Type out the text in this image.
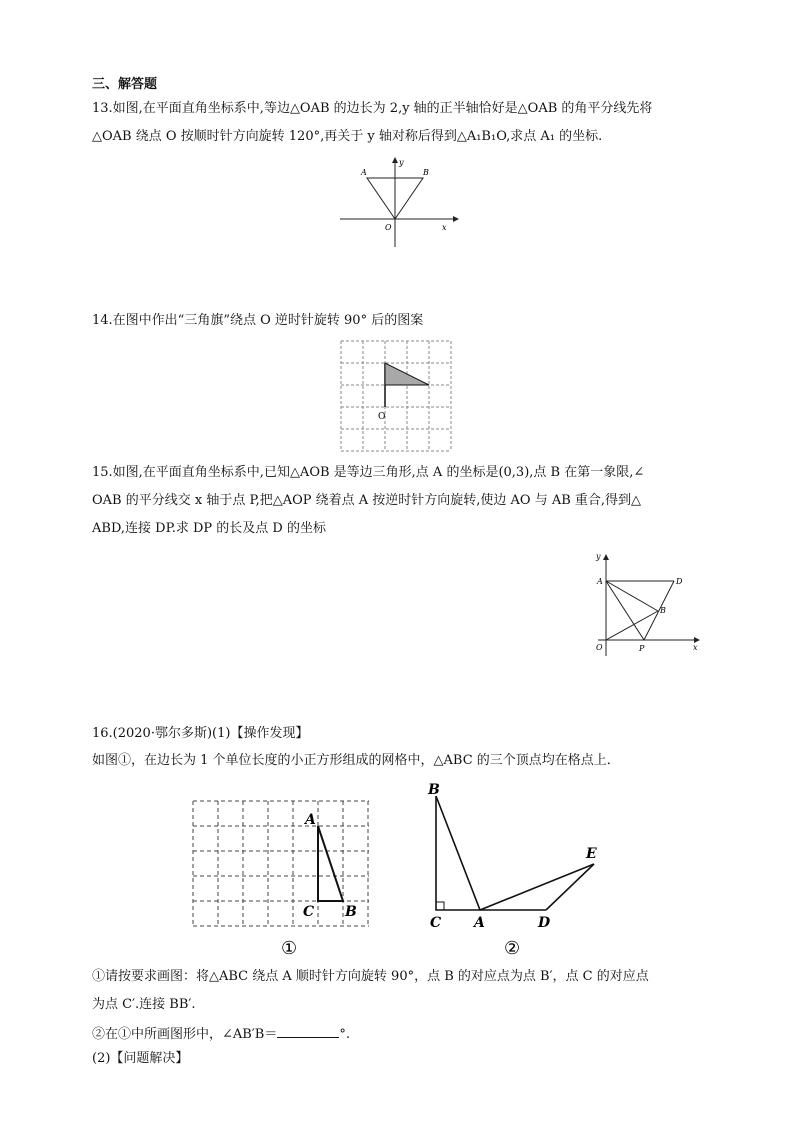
三、解答题
13.如图,在平面直角坐标系中,等边△OAB 的边长为 2,y 轴的正半轴恰好是△OAB 的角平分线先将
△OAB 绕点 O 按顺时针方向旋转 120°,再关于 y 轴对称后得到△A₁B₁O,求点 A₁ 的坐标.
A	B
O	x
y
14.在图中作出“三角旗”绕点 O 逆时针旋转 90° 后的图案
O
15.如图,在平面直角坐标系中,已知△AOB 是等边三角形,点 A 的坐标是(0,3),点 B 在第一象限,∠
OAB 的平分线交 x 轴于点 P,把△AOP 绕着点 A 按逆时针方向旋转,使边 AO 与 AB 重合,得到△
ABD,连接 DP.求 DP 的长及点 D 的坐标
A	D
B
O	P	x
y
16.(2020·鄂尔多斯)(1)【操作发现】
如图①，在边长为 1 个单位长度的小正方形组成的网格中，△ABC 的三个顶点均在格点上．
A
C B
①
B
C A	D
E
②
①请按要求画图：将△ABC 绕点 A 顺时针方向旋转 90°，点 B 的对应点为点 B′，点 C 的对应点
为点 C′.连接 BB′.
②在①中所画图形中，∠AB′B＝	°.
(2)【问题解决】
